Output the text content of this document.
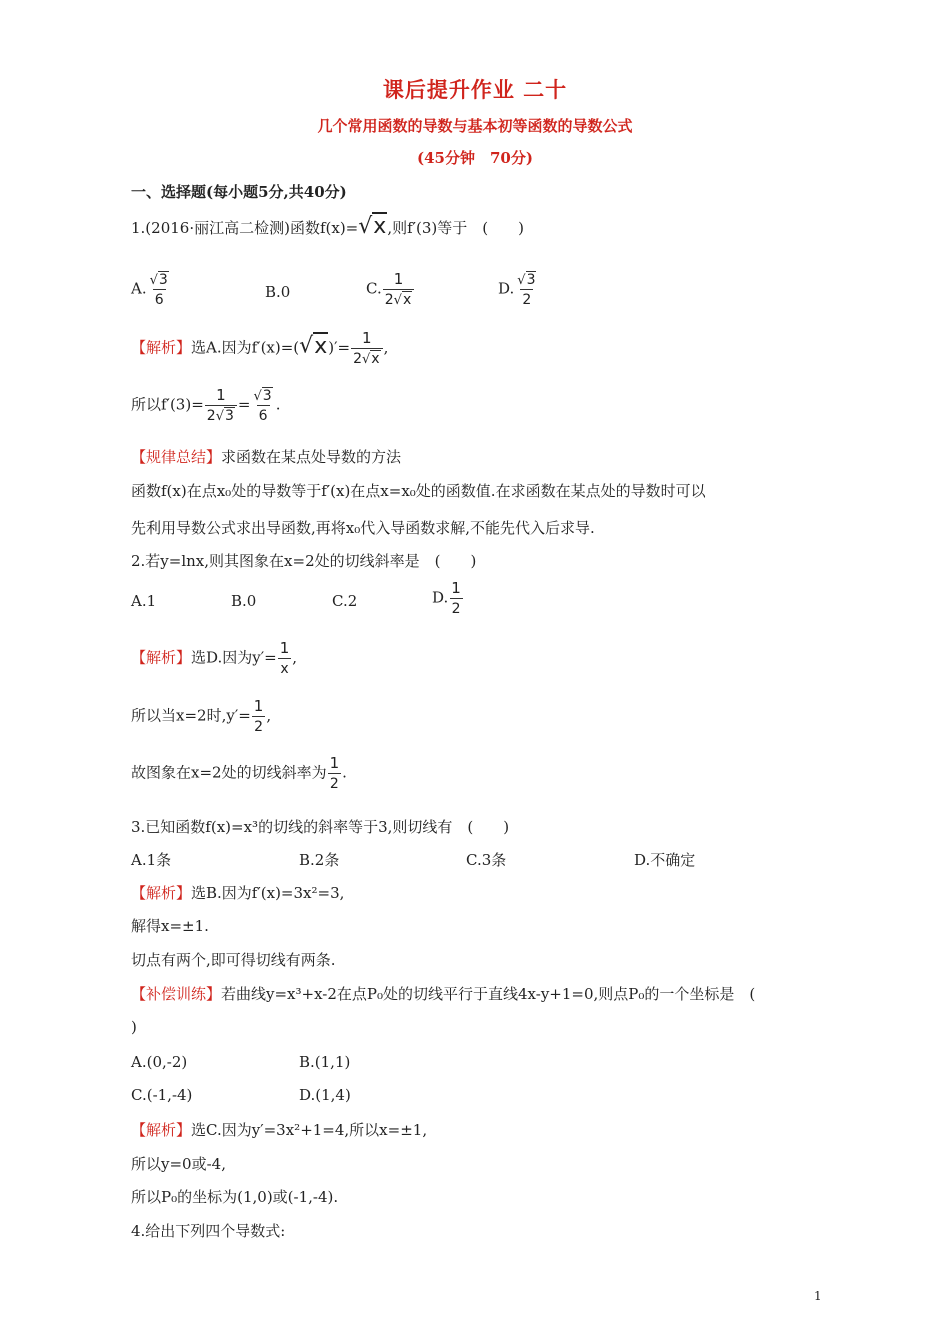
课后提升作业 二十
几个常用函数的导数与基本初等函数的导数公式
(45分钟　70分)
一、选择题(每小题5分,共40分)
1.(2016·丽江高二检测)函数f(x)=√x,则f′(3)等于　(　　)
A. $\frac{√3}{6}$	B.0	C. $\frac{1}{2√x}$	D. $\frac{√3}{2}$
【解析】选A.因为$f'(x)=(√x)'= \frac{1}{2√x}$ ,
所以$f'(3)= \frac{1}{2√3} = \frac{√3}{6}$ .
【规律总结】求函数在某点处导数的方法
函数f(x)在点x₀处的导数等于f′(x)在点x=x₀处的函数值.在求函数在某点处的导数时可以
先利用导数公式求出导函数,再将x₀代入导函数求解,不能先代入后求导.
2.若y=lnx,则其图象在x=2处的切线斜率是　(　　)
A.1	B.0	C.2	D. $\frac{1}{2}$
【解析】选D.因为$y'= \frac{1}{x}$ ,
所以当x=2时$,y'= \frac{1}{2}$ ,
故图象在x=2处的切线斜率为 $\frac{1}{2}$ .
3.已知函数f(x)=x³的切线的斜率等于3,则切线有　(　　)
A.1条	B.2条	C.3条	D.不确定
【解析】选B.因为f′(x)=3x²=3,
解得x=±1.
切点有两个,即可得切线有两条.
【补偿训练】若曲线y=x³+x-2在点P₀处的切线平行于直线4x-y+1=0,则点P₀的一个坐标是　(
)
A.(0,-2)	B.(1,1)
C.(-1,-4)	D.(1,4)
【解析】选C.因为y′=3x²+1=4,所以x=±1,
所以y=0或-4,
所以P₀的坐标为(1,0)或(-1,-4).
4.给出下列四个导数式:
1
